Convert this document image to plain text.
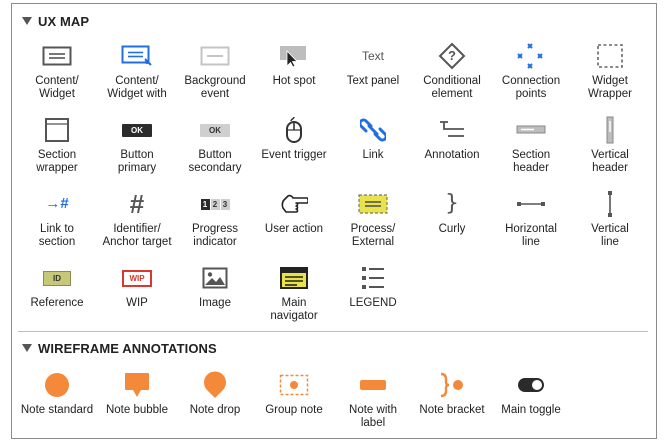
UX MAP
Content/
Widget
Content/
Widget with
Background
event
Hot spot
Text
Text panel
?
Conditional
element
Connection
points
Widget
Wrapper
Section
wrapper
OK
Button
primary
OK
Button
secondary
Event trigger	Link	Annotation	Section
header
Vertical
header
→#
Link to
section
#
Identifier/
Anchor target
1 2 3
Progress
indicator
User action	Process/
External
}
Curly	Horizontal
line
Vertical
line
ID
Reference
WIP
WIP	Image	Main
navigator
LEGEND
WIREFRAME ANNOTATIONS
Note standard	Note bubble	Note drop	Group note	Note with
label
Note bracket	Main toggle
